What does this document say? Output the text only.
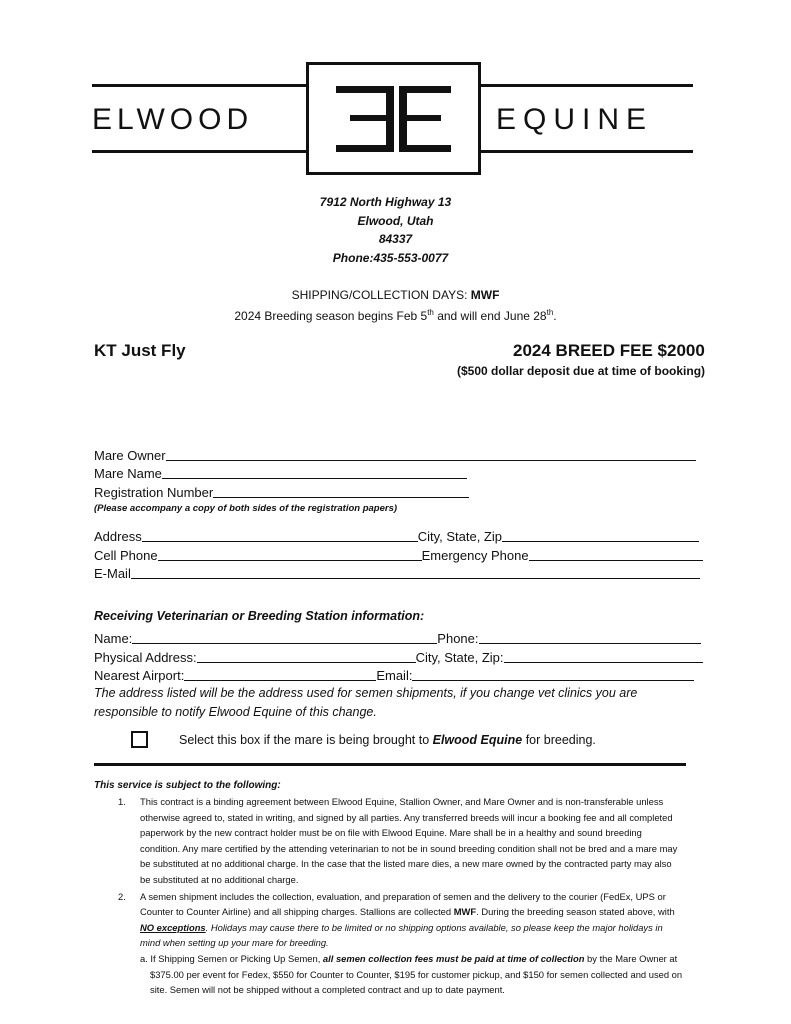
ELWOOD	EQUINE
7912 North Highway 13
Elwood, Utah
84337
Phone:435-553-0077
SHIPPING/COLLECTION DAYS: MWF
2024 Breeding season begins Feb 5th and will end June 28th.
KT Just Fly	2024 BREED FEE $2000
($500 dollar deposit due at time of booking)
Mare Owner
Mare Name
Registration Number
(Please accompany a copy of both sides of the registration papers)
Address	City, State, Zip
Cell Phone	Emergency Phone
E-Mail
Receiving Veterinarian or Breeding Station information:
Name:	Phone:
Physical Address:	City, State, Zip:
Nearest Airport:	Email:
The address listed will be the address used for semen shipments, if you change vet clinics you are responsible to notify Elwood Equine of this change.
Select this box if the mare is being brought to Elwood Equine for breeding.
This service is subject to the following:
1. This contract is a binding agreement between Elwood Equine, Stallion Owner, and Mare Owner and is non-transferable unless otherwise agreed to, stated in writing, and signed by all parties. Any transferred breeds will incur a booking fee and all completed paperwork by the new contract holder must be on file with Elwood Equine. Mare shall be in a healthy and sound breeding condition. Any mare certified by the attending veterinarian to not be in sound breeding condition shall not be bred and a mare may be substituted at no additional charge. In the case that the listed mare dies, a new mare owned by the contracted party may also be substituted at no additional charge.
2. A semen shipment includes the collection, evaluation, and preparation of semen and the delivery to the courier (FedEx, UPS or Counter to Counter Airline) and all shipping charges. Stallions are collected MWF. During the breeding season stated above, with NO exceptions. Holidays may cause there to be limited or no shipping options available, so please keep the major holidays in mind when setting up your mare for breeding.
a. If Shipping Semen or Picking Up Semen, all semen collection fees must be paid at time of collection by the Mare Owner at $375.00 per event for Fedex, $550 for Counter to Counter, $195 for customer pickup, and $150 for semen collected and used on site. Semen will not be shipped without a completed contract and up to date payment.
